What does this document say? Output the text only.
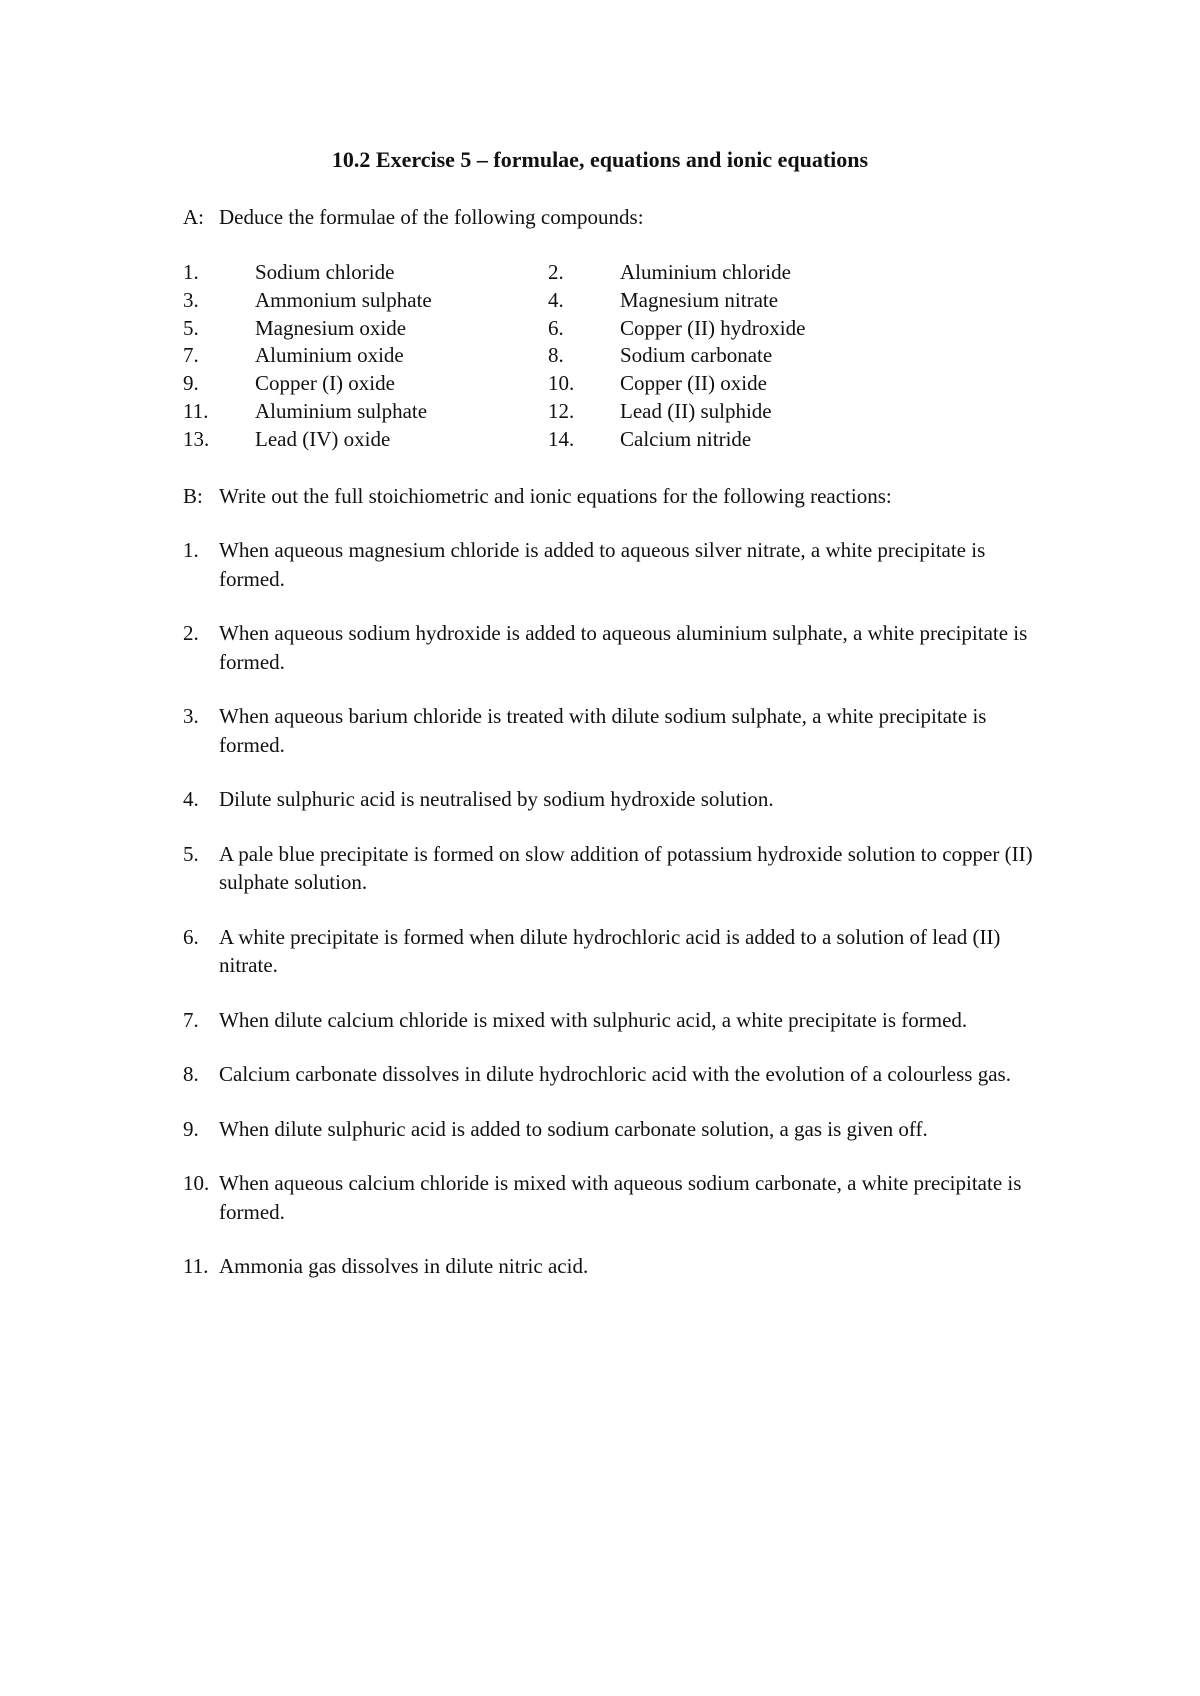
10.2 Exercise 5 – formulae, equations and ionic equations
A: Deduce the formulae of the following compounds:
1.	Sodium chloride	2.	Aluminium chloride
3.	Ammonium sulphate	4.	Magnesium nitrate
5.	Magnesium oxide	6.	Copper (II) hydroxide
7.	Aluminium oxide	8.	Sodium carbonate
9.	Copper (I) oxide	10. Copper (II) oxide
11. Aluminium sulphate	12. Lead (II) sulphide
13. Lead (IV) oxide	14. Calcium nitride
B: Write out the full stoichiometric and ionic equations for the following reactions:
1. When aqueous magnesium chloride is added to aqueous silver nitrate, a white precipitate is formed.
2. When aqueous sodium hydroxide is added to aqueous aluminium sulphate, a white precipitate is formed.
3. When aqueous barium chloride is treated with dilute sodium sulphate, a white precipitate is formed.
4. Dilute sulphuric acid is neutralised by sodium hydroxide solution.
5. A pale blue precipitate is formed on slow addition of potassium hydroxide solution to copper (II) sulphate solution.
6. A white precipitate is formed when dilute hydrochloric acid is added to a solution of lead (II) nitrate.
7. When dilute calcium chloride is mixed with sulphuric acid, a white precipitate is formed.
8. Calcium carbonate dissolves in dilute hydrochloric acid with the evolution of a colourless gas.
9. When dilute sulphuric acid is added to sodium carbonate solution, a gas is given off.
10. When aqueous calcium chloride is mixed with aqueous sodium carbonate, a white precipitate is formed.
11. Ammonia gas dissolves in dilute nitric acid.
